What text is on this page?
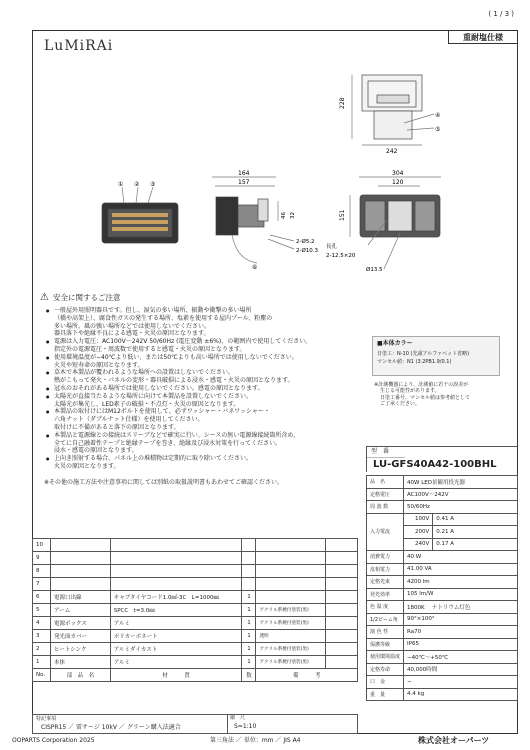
( 1 / 3 )
重耐塩仕様
LuMiRAi
228
242
④
⑤
① ② ③
164
157
46 32
2-Ø5.2
2-Ø10.3
⑥
304
120
151
長孔
2-12.5×20
Ø13.5
⚠ 安全に関するご注意
● 一般屋外用照明器具です。但し、湿気の多い場所、振動や衝撃の多い場所
（橋や高架上）、腐食性ガスの発生する場所、塩素を使用する屋内プール、粉塵の
多い場所、風の強い場所などでは使用しないでください。
器具落下や絶縁不良による感電・火災の原因となります。
● 電源は入力電圧：AC100V〜242V 50/60Hz (電圧変動 ±6%)、の範囲内で使用してください。
指定外の電源電圧・周波数で使用すると感電・火災の原因となります。
● 使用環境温度が−40℃より低い、または50℃よりも高い場所では使用しないでください。
火災や短寿命の原因となります。
● 草木で本製品が覆われるような場所への設置はしないでください。
熱がこもって発火・パネルの変形・器具破損による浸水・感電・火災の原因となります。
● 冠水のおそれがある場所では使用しないでください。感電の原因となります。
● 太陽光が直接当たるような場所に向けて本製品を設置しないでください。
太陽光が集光し、LED素子の破損・不点灯・火災の原因となります。
● 本製品の取付けにはM12ボルトを使用して、必ずワッシャー・バネワッシャー・
六角ナット（ダブルナット仕様）を使用してください。
取付けに不備があると落下の原因となります。
● 本製品と電源線との接続はスリーブなどで確実に行い、シースの無い電源線接続箇所含め、
全てに自己融着性テープと絶縁テープを巻き、絶縁及び浸水対策を行ってください。
浸水・感電の原因となります。
● 上向き照射する場合、パネル上の堆積物は定期的に取り除いてください。
火災の原因となります。
※その他の施工方法や注意事項に関しては別紙の取扱説明書もあわせてご確認ください。
■本体カラー
日塗工：N-10 (先頭アルファベット省略)
マンセル値：N1 (3.2PB1.9/0.1)
※計測機器により、計測値に若干の誤差が
生じる可能性があります。
日塗工番号、マンセル値は参考値として
ご了承ください。
10					
9					
8					
7					
6	電源口出線	キャブタイヤコード1.0㎟-3C　L=1000㎜	1		
5	アーム	SPCC　t=3.0㎜	1	アクリル系焼付塗装(黒)	
4	電源ボックス	アルミ	1	アクリル系焼付塗装(黒)	
3	発光面カバー	ポリカーボネート	1	透明	
2	ヒートシンク	アルミダイカスト	1	アクリル系焼付塗装(黒)	
1	本体	アルミ	1	アクリル系焼付塗装(黒)	
No.	部　品　名	材　　　質	数	備　　　考	
特記事項
CISPR15 ／ 雷サージ 10kV ／ グリーン購入法適合
縮　尺
S=1:10
型　番
LU-GFS40A42-100BHL
品　名	40W LED景観用投光器	
定格電圧	AC100V〜242V	
周 波 数	50/60Hz	
入力電流	100V	0.41 A
	200V	0.21 A
	240V	0.17 A
消費電力	40 W	
皮相電力	41.00 VA	
定格光束	4200 lm	
発光効率	105 lm/W	
色 温 度	1800K　 ナトリウム灯色	
1/2ビーム角	90°×100°	
演 色 性	Ra70	
保護等級	IP65	
使用環境温度	−40℃〜+50℃	
定格寿命	40,000時間	
口　金	−	
重　量	4.4 kg	
OOPARTS Corporation 2025	第三角法 ／ 単位：mm ／ JIS A4	株式会社オーパーツ
